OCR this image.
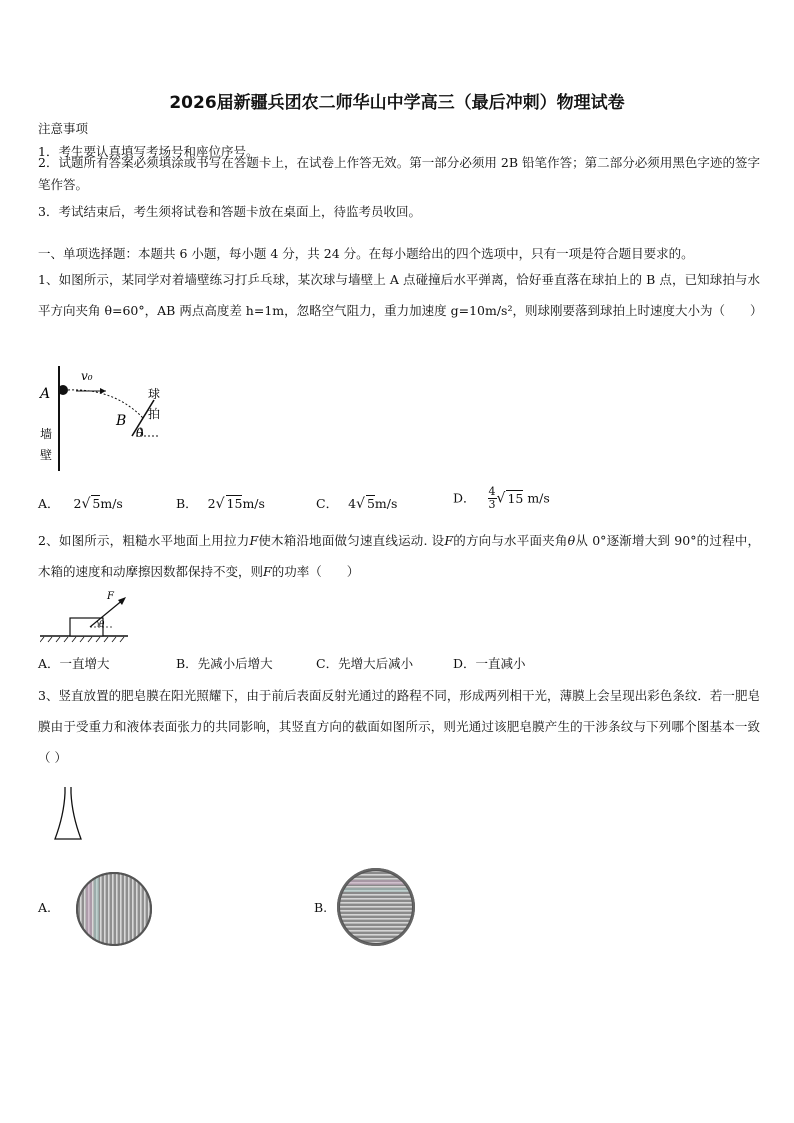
2026届新疆兵团农二师华山中学高三（最后冲刺）物理试卷
注意事项
1．考生要认真填写考场号和座位序号。
2．试题所有答案必须填涂或书写在答题卡上，在试卷上作答无效。第一部分必须用 2B 铅笔作答；第二部分必须用黑色字迹的签字笔作答。
3．考试结束后，考生须将试卷和答题卡放在桌面上，待监考员收回。
一、单项选择题：本题共 6 小题，每小题 4 分，共 24 分。在每小题给出的四个选项中，只有一项是符合题目要求的。
1、如图所示，某同学对着墙壁练习打乒乓球，某次球与墙壁上 A 点碰撞后水平弹离，恰好垂直落在球拍上的 B 点，已知球拍与水平方向夹角 θ=60°，AB 两点高度差 h=1m，忽略空气阻力，重力加速度 g=10m/s²，则球刚要落到球拍上时速度大小为（　　）
A
v₀
B
θ
墙
壁
球
拍
A． 2√ 5m/s	B． 2√ 15m/s	C． 4√ 5m/s	D． $\frac{4}{3}$ √ 15 m/s
2、如图所示，粗糙水平地面上用拉力F使木箱沿地面做匀速直线运动. 设F的方向与水平面夹角θ从 0°逐渐增大到 90°的过程中，木箱的速度和动摩擦因数都保持不变，则F的功率（　　）
F
θ
A．一直增大	B．先减小后增大	C．先增大后减小	D．一直减小
3、竖直放置的肥皂膜在阳光照耀下，由于前后表面反射光通过的路程不同，形成两列相干光，薄膜上会呈现出彩色条纹．若一肥皂膜由于受重力和液体表面张力的共同影响，其竖直方向的截面如图所示，则光通过该肥皂膜产生的干涉条纹与下列哪个图基本一致（ ）
A.	B.
